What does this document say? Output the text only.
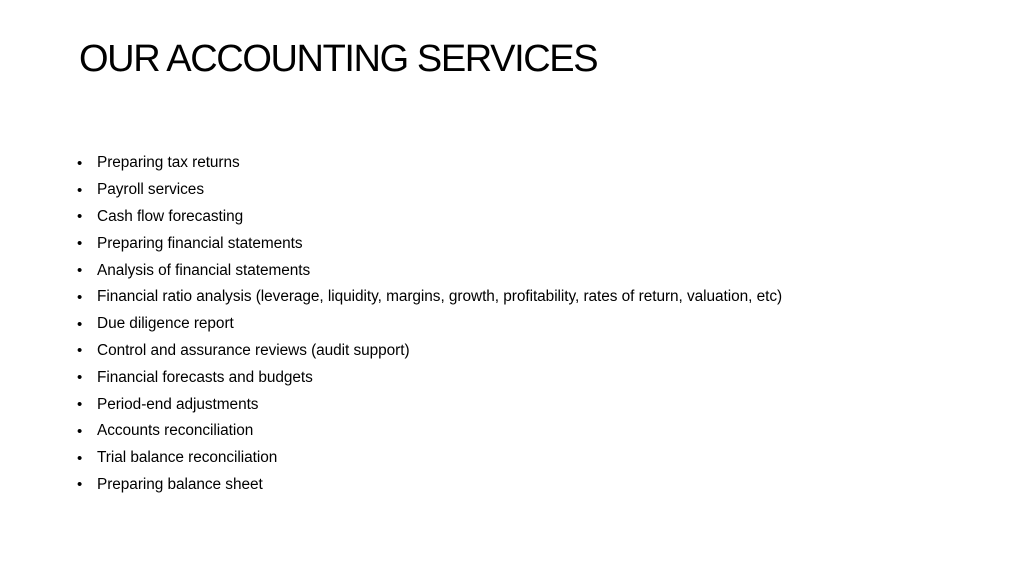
OUR ACCOUNTING SERVICES
• Preparing tax returns
• Payroll services
• Cash flow forecasting
• Preparing financial statements
• Analysis of financial statements
• Financial ratio analysis (leverage, liquidity, margins, growth, profitability, rates of return, valuation, etc)
• Due diligence report
• Control and assurance reviews (audit support)
• Financial forecasts and budgets
• Period-end adjustments
• Accounts reconciliation
• Trial balance reconciliation
• Preparing balance sheet
